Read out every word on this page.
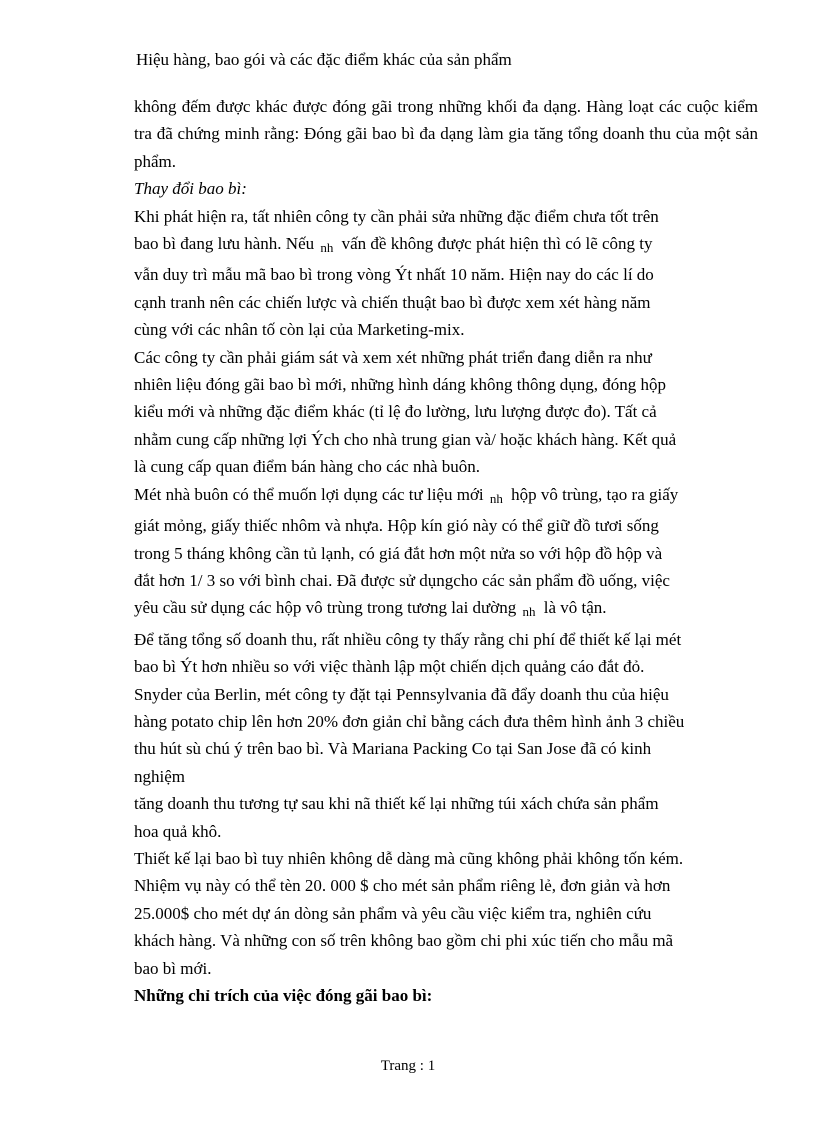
Hiệu hàng, bao gói và các đặc điểm khác của sản phẩm

không đếm được khác được đóng gãi trong những khối đa dạng. Hàng loạt các cuộc kiểm tra đã chứng minh rằng: Đóng gãi bao bì đa dạng làm gia tăng tổng doanh thu của một sản phẩm.

Thay đổi bao bì:

Khi phát hiện ra, tất nhiên công ty cần phải sửa những đặc điểm chưa tốt trên
bao bì đang lưu hành. Nếu $_{nh}$ vấn đề không được phát hiện thì có lẽ công ty
vẫn duy trì mẫu mã bao bì trong vòng Ýt nhất 10 năm. Hiện nay do các lí do
cạnh tranh nên các chiến lược và chiến thuật bao bì được xem xét hàng năm
cùng với các nhân tố còn lại của Marketing-mix.

Các công ty cần phải giám sát và xem xét những phát triển đang diễn ra như
nhiên liệu đóng gãi bao bì mới, những hình dáng không thông dụng, đóng hộp
kiểu mới và những đặc điểm khác (tỉ lệ đo lường, lưu lượng được đo). Tất cả
nhằm cung cấp những lợi Ých cho nhà trung gian và/ hoặc khách hàng. Kết quả
là cung cấp quan điểm bán hàng cho các nhà buôn.

Mét nhà buôn có thể muốn lợi dụng các tư liệu mới $_{nh}$ hộp vô trùng, tạo ra giấy
giát mỏng, giấy thiếc nhôm và nhựa. Hộp kín gió này có thể giữ đồ tươi sống
trong 5 tháng không cần tủ lạnh, có giá đắt hơn một nửa so với hộp đồ hộp và
đắt hơn 1/ 3 so với bình chai. Đã được sử dụngcho các sản phẩm đồ uống, việc
yêu cầu sử dụng các hộp vô trùng trong tương lai dường $_{nh}$ là vô tận.

Để tăng tổng số doanh thu, rất nhiều công ty thấy rằng chi phí để thiết kế lại mét
bao bì Ýt hơn nhiều so với việc thành lập một chiến dịch quảng cáo đắt đỏ.
Snyder của Berlin, mét công ty đặt tại Pennsylvania đã đẩy doanh thu của hiệu
hàng potato chip lên hơn 20% đơn giản chỉ bằng cách đưa thêm hình ảnh 3 chiều
thu hút sù chú ý trên bao bì. Và Mariana Packing Co tại San Jose đã có kinh
nghiệm
tăng doanh thu tương tự sau khi nã thiết kế lại những túi xách chứa sản phẩm
hoa quả khô.

Thiết kế lại bao bì tuy nhiên không dễ dàng mà cũng không phải không tốn kém.
Nhiệm vụ này có thể tèn 20. 000 $ cho mét sản phẩm riêng lẻ, đơn giản và hơn
25.000$ cho mét dự án dòng sản phẩm và yêu cầu việc kiểm tra, nghiên cứu
khách hàng. Và những con số trên không bao gồm chi phi xúc tiến cho mẫu mã
bao bì mới.

Những chỉ trích của việc đóng gãi bao bì:

Trang : 1
